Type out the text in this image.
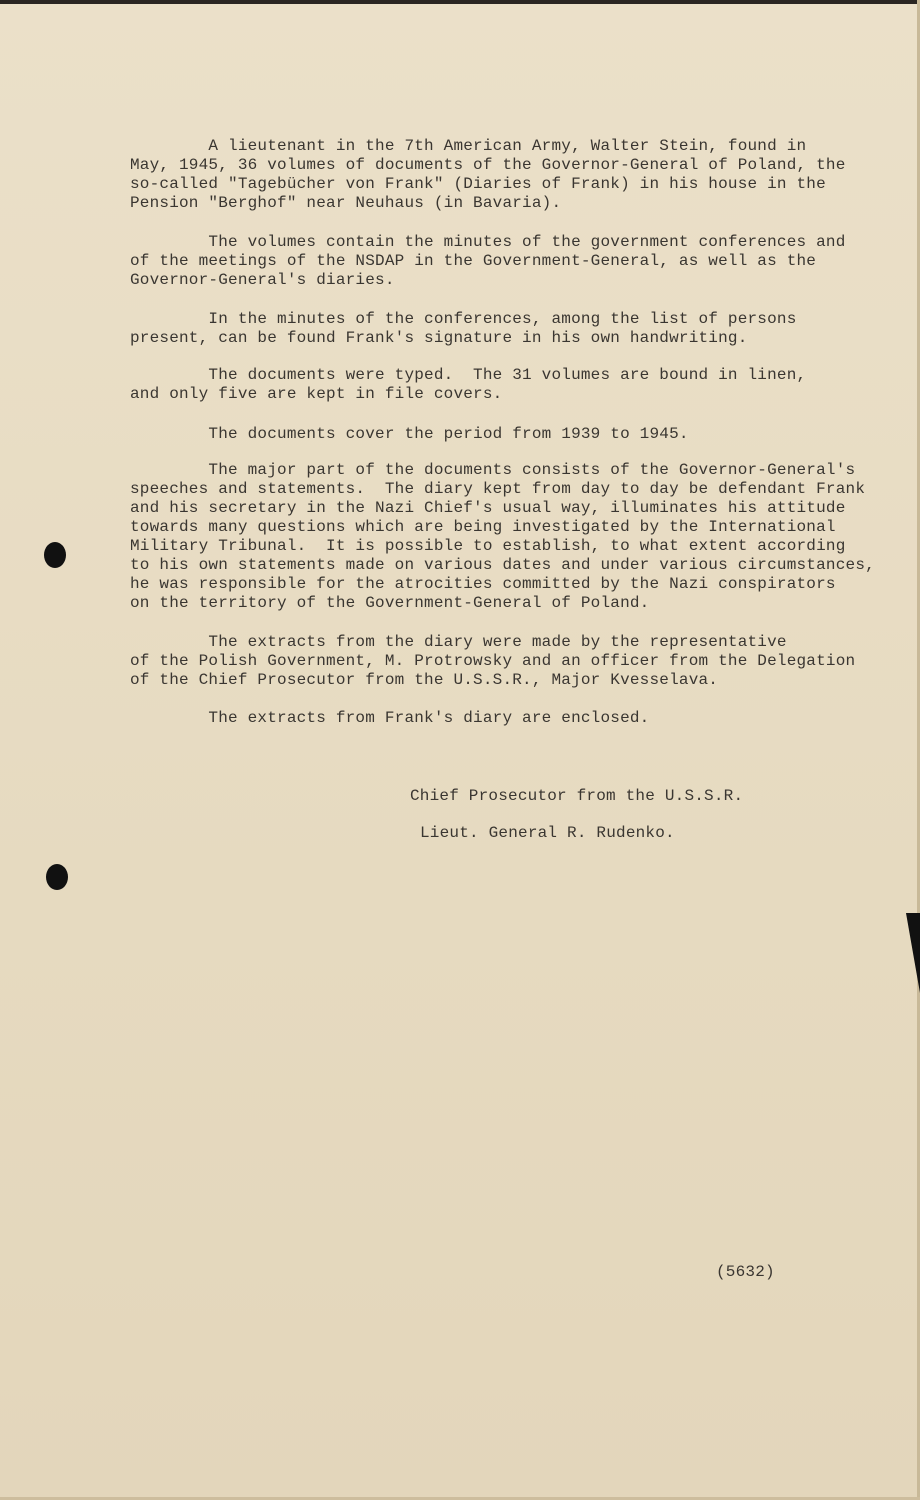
A lieutenant in the 7th American Army, Walter Stein, found in
May, 1945, 36 volumes of documents of the Governor-General of Poland, the
so-called "Tagebücher von Frank" (Diaries of Frank) in his house in the
Pension "Berghof" near Neuhaus (in Bavaria).

The volumes contain the minutes of the government conferences and
of the meetings of the NSDAP in the Government-General, as well as the
Governor-General's diaries.

In the minutes of the conferences, among the list of persons
present, can be found Frank's signature in his own handwriting.

The documents were typed.  The 31 volumes are bound in linen,
and only five are kept in file covers.

The documents cover the period from 1939 to 1945.

The major part of the documents consists of the Governor-General's
speeches and statements.  The diary kept from day to day be defendant Frank
and his secretary in the Nazi Chief's usual way, illuminates his attitude
towards many questions which are being investigated by the International
Military Tribunal.  It is possible to establish, to what extent according
to his own statements made on various dates and under various circumstances,
he was responsible for the atrocities committed by the Nazi conspirators
on the territory of the Government-General of Poland.

The extracts from the diary were made by the representative
of the Polish Government, M. Protrowsky and an officer from the Delegation
of the Chief Prosecutor from the U.S.S.R., Major Kvesselava.

The extracts from Frank's diary are enclosed.

Chief Prosecutor from the U.S.S.R.

Lieut. General R. Rudenko.

(5632)
